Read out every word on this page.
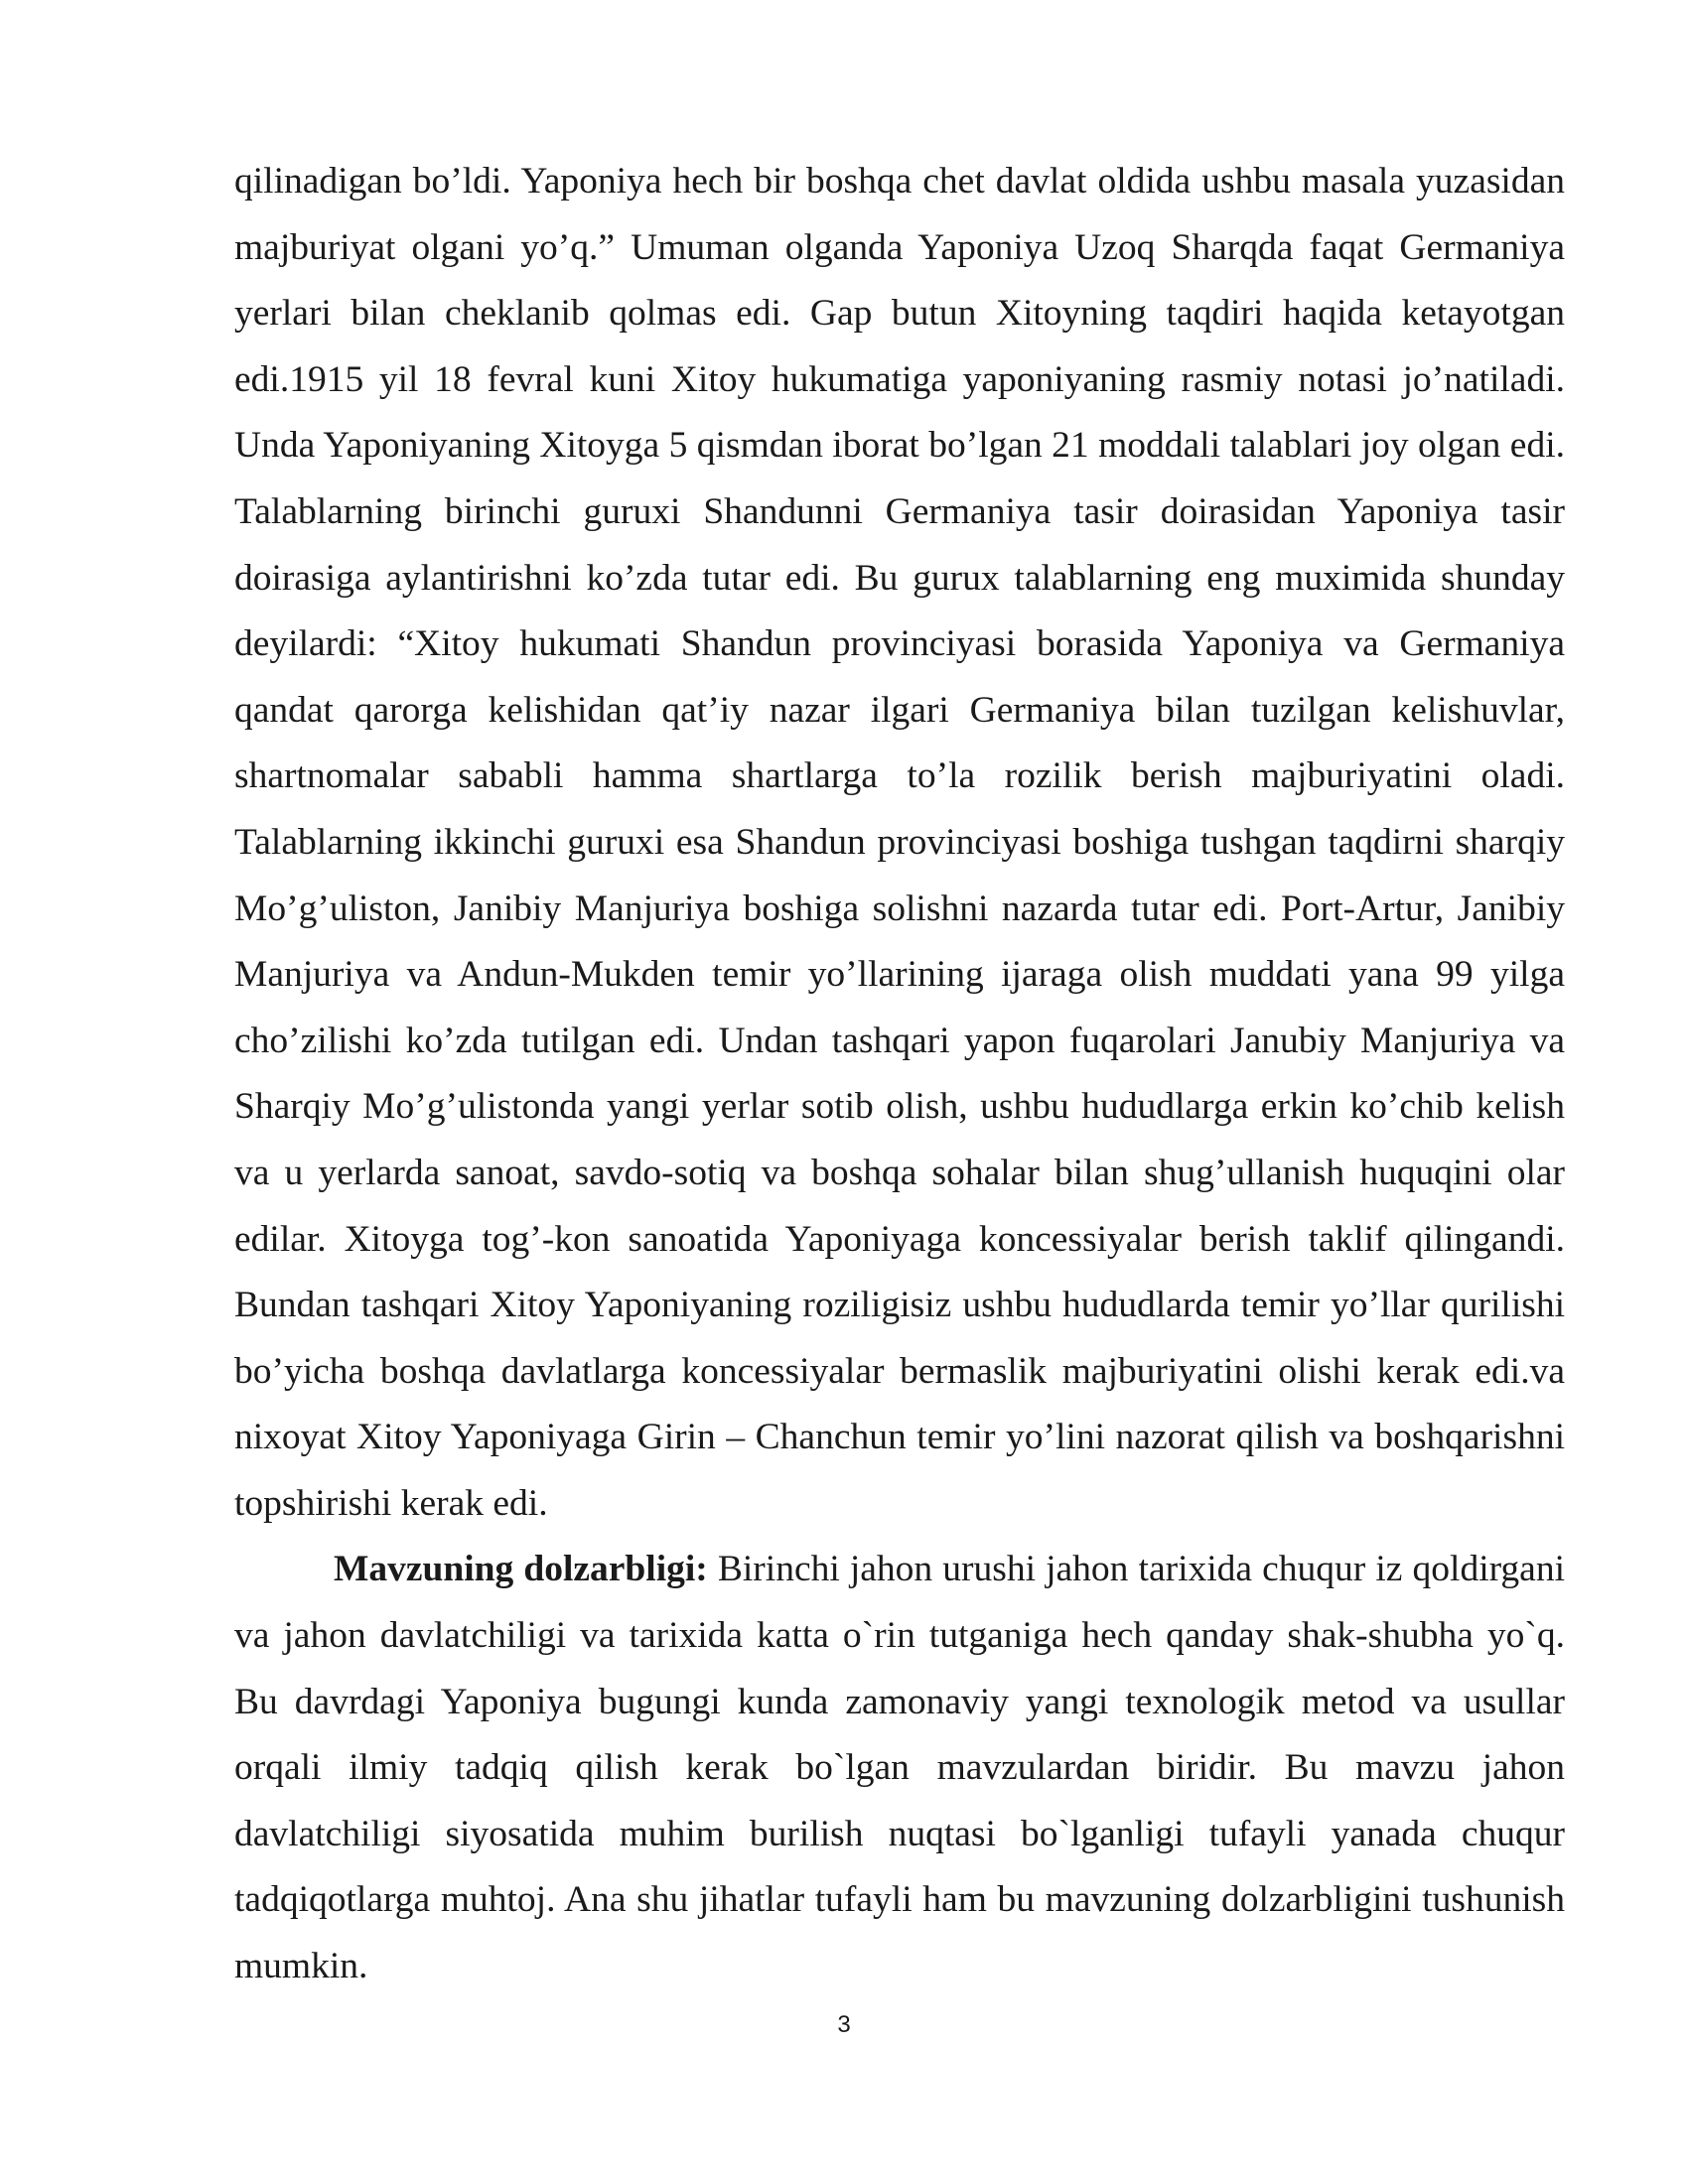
qilinadigan bo’ldi. Yaponiya hech bir boshqa chet davlat oldida ushbu masala yuzasidan majburiyat olgani yo’q.” Umuman olganda Yaponiya Uzoq Sharqda faqat Germaniya yerlari bilan cheklanib qolmas edi. Gap butun Xitoyning taqdiri haqida ketayotgan edi.1915 yil 18 fevral kuni Xitoy hukumatiga yaponiyaning rasmiy notasi jo’natiladi. Unda Yaponiyaning Xitoyga 5 qismdan iborat bo’lgan 21 moddali talablari joy olgan edi. Talablarning birinchi guruxi Shandunni Germaniya tasir doirasidan Yaponiya tasir doirasiga aylantirishni ko’zda tutar edi. Bu gurux talablarning eng muximida shunday deyilardi: “Xitoy hukumati Shandun provinciyasi borasida Yaponiya va Germaniya qandat qarorga kelishidan qat’iy nazar ilgari Germaniya bilan tuzilgan kelishuvlar, shartnomalar sababli hamma shartlarga to’la rozilik berish majburiyatini oladi. Talablarning ikkinchi guruxi esa Shandun provinciyasi boshiga tushgan taqdirni sharqiy Mo’g’uliston, Janibiy Manjuriya boshiga solishni nazarda tutar edi. Port-Artur, Janibiy Manjuriya va Andun-Mukden temir yo’llarining ijaraga olish muddati yana 99 yilga cho’zilishi ko’zda tutilgan edi. Undan tashqari yapon fuqarolari Janubiy Manjuriya va Sharqiy Mo’g’ulistonda yangi yerlar sotib olish, ushbu hududlarga erkin ko’chib kelish va u yerlarda sanoat, savdo-sotiq va boshqa sohalar bilan shug’ullanish huquqini olar edilar. Xitoyga tog’-kon sanoatida Yaponiyaga koncessiyalar berish taklif qilingandi. Bundan tashqari Xitoy Yaponiyaning roziligisiz ushbu hududlarda temir yo’llar qurilishi bo’yicha boshqa davlatlarga koncessiyalar bermaslik majburiyatini olishi kerak edi.va nixoyat Xitoy Yaponiyaga Girin – Chanchun temir yo’lini nazorat qilish va boshqarishni topshirishi kerak edi.

Mavzuning dolzarbligi: Birinchi jahon urushi jahon tarixida chuqur iz qoldirgani va jahon davlatchiligi va tarixida katta o`rin tutganiga hech qanday shak-shubha yo`q. Bu davrdagi Yaponiya bugungi kunda zamonaviy yangi texnologik metod va usullar orqali ilmiy tadqiq qilish kerak bo`lgan mavzulardan biridir. Bu mavzu jahon davlatchiligi siyosatida muhim burilish nuqtasi bo`lganligi tufayli yanada chuqur tadqiqotlarga muhtoj. Ana shu jihatlar tufayli ham bu mavzuning dolzarbligini tushunish mumkin.

3
